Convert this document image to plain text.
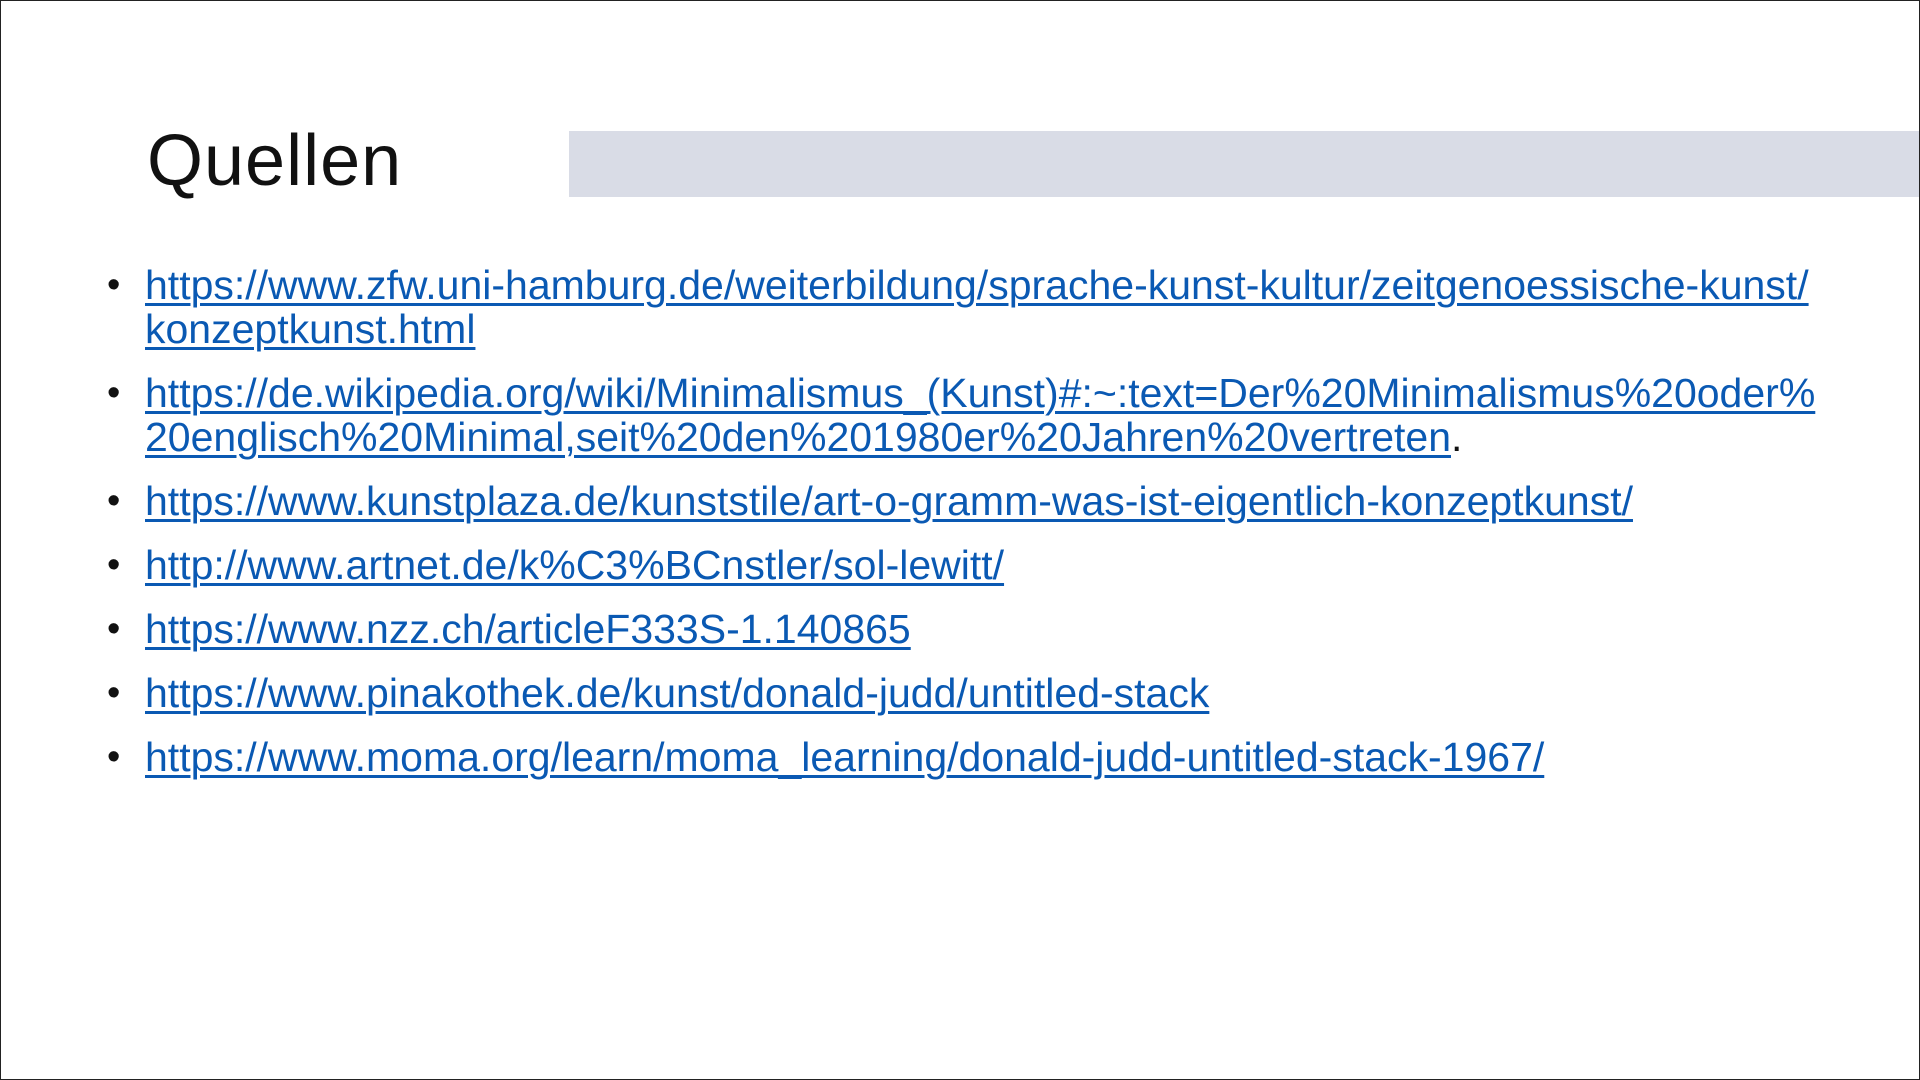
Quellen
• https://www.zfw.uni-hamburg.de/weiterbildung/sprache-kunst-kultur/zeitgenoessische-kunst/konzeptkunst.html
• https://de.wikipedia.org/wiki/Minimalismus_(Kunst)#:~:text=Der%20Minimalismus%20oder%20englisch%20Minimal,seit%20den%201980er%20Jahren%20vertreten.
• https://www.kunstplaza.de/kunststile/art-o-gramm-was-ist-eigentlich-konzeptkunst/
• http://www.artnet.de/k%C3%BCnstler/sol-lewitt/
• https://www.nzz.ch/articleF333S-1.140865
• https://www.pinakothek.de/kunst/donald-judd/untitled-stack
• https://www.moma.org/learn/moma_learning/donald-judd-untitled-stack-1967/
